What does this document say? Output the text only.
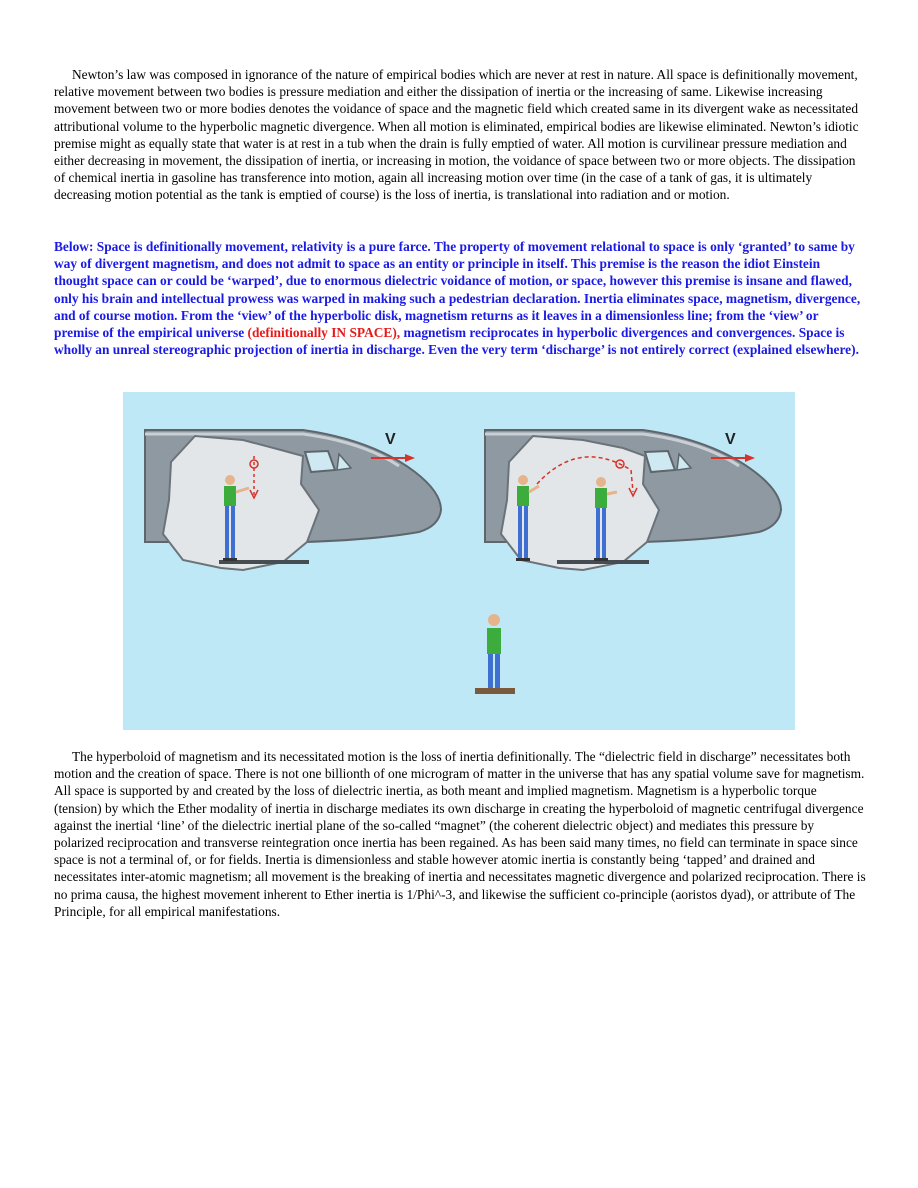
Newton’s law was composed in ignorance of the nature of empirical bodies which are never at rest in nature. All space is definitionally movement, relative movement between two bodies is pressure mediation and either the dissipation of inertia or the increasing of same. Likewise increasing movement between two or more bodies denotes the voidance of space and the magnetic field which created same in its divergent wake as necessitated attributional volume to the hyperbolic magnetic divergence. When all motion is eliminated, empirical bodies are likewise eliminated. Newton’s idiotic premise might as equally state that water is at rest in a tub when the drain is fully emptied of water. All motion is curvilinear pressure mediation and either decreasing in movement, the dissipation of inertia, or increasing in motion, the voidance of space between two or more objects. The dissipation of chemical inertia in gasoline has transference into motion, again all increasing motion over time (in the case of a tank of gas, it is ultimately decreasing motion potential as the tank is emptied of course) is the loss of inertia, is translational into radiation and or motion.

Below: Space is definitionally movement, relativity is a pure farce. The property of movement relational to space is only ‘granted’ to same by way of divergent magnetism, and does not admit to space as an entity or principle in itself. This premise is the reason the idiot Einstein thought space can or could be ‘warped’, due to enormous dielectric voidance of motion, or space, however this premise is insane and flawed, only his brain and intellectual prowess was warped in making such a pedestrian declaration. Inertia eliminates space, magnetism, divergence, and of course motion. From the ‘view’ of the hyperbolic disk, magnetism returns as it leaves in a dimensionless line; from the ‘view’ or premise of the empirical universe (definitionally IN SPACE), magnetism reciprocates in hyperbolic divergences and convergences. Space is wholly an unreal stereographic projection of inertia in discharge. Even the very term ‘discharge’ is not entirely correct (explained elsewhere).

V	V

The hyperboloid of magnetism and its necessitated motion is the loss of inertia definitionally. The “dielectric field in discharge” necessitates both motion and the creation of space. There is not one billionth of one microgram of matter in the universe that has any spatial volume save for magnetism. All space is supported by and created by the loss of dielectric inertia, as both meant and implied magnetism. Magnetism is a hyperbolic torque (tension) by which the Ether modality of inertia in discharge mediates its own discharge in creating the hyperboloid of magnetic centrifugal divergence against the inertial ‘line’ of the dielectric inertial plane of the so-called “magnet” (the coherent dielectric object) and mediates this pressure by polarized reciprocation and transverse reintegration once inertia has been regained. As has been said many times, no field can terminate in space since space is not a terminal of, or for fields. Inertia is dimensionless and stable however atomic inertia is constantly being ‘tapped’ and drained and necessitates inter-atomic magnetism; all movement is the breaking of inertia and necessitates magnetic divergence and polarized reciprocation. There is no prima causa, the highest movement inherent to Ether inertia is 1/Phi^-3, and likewise the sufficient co-principle (aoristos dyad), or attribute of The Principle, for all empirical manifestations.
